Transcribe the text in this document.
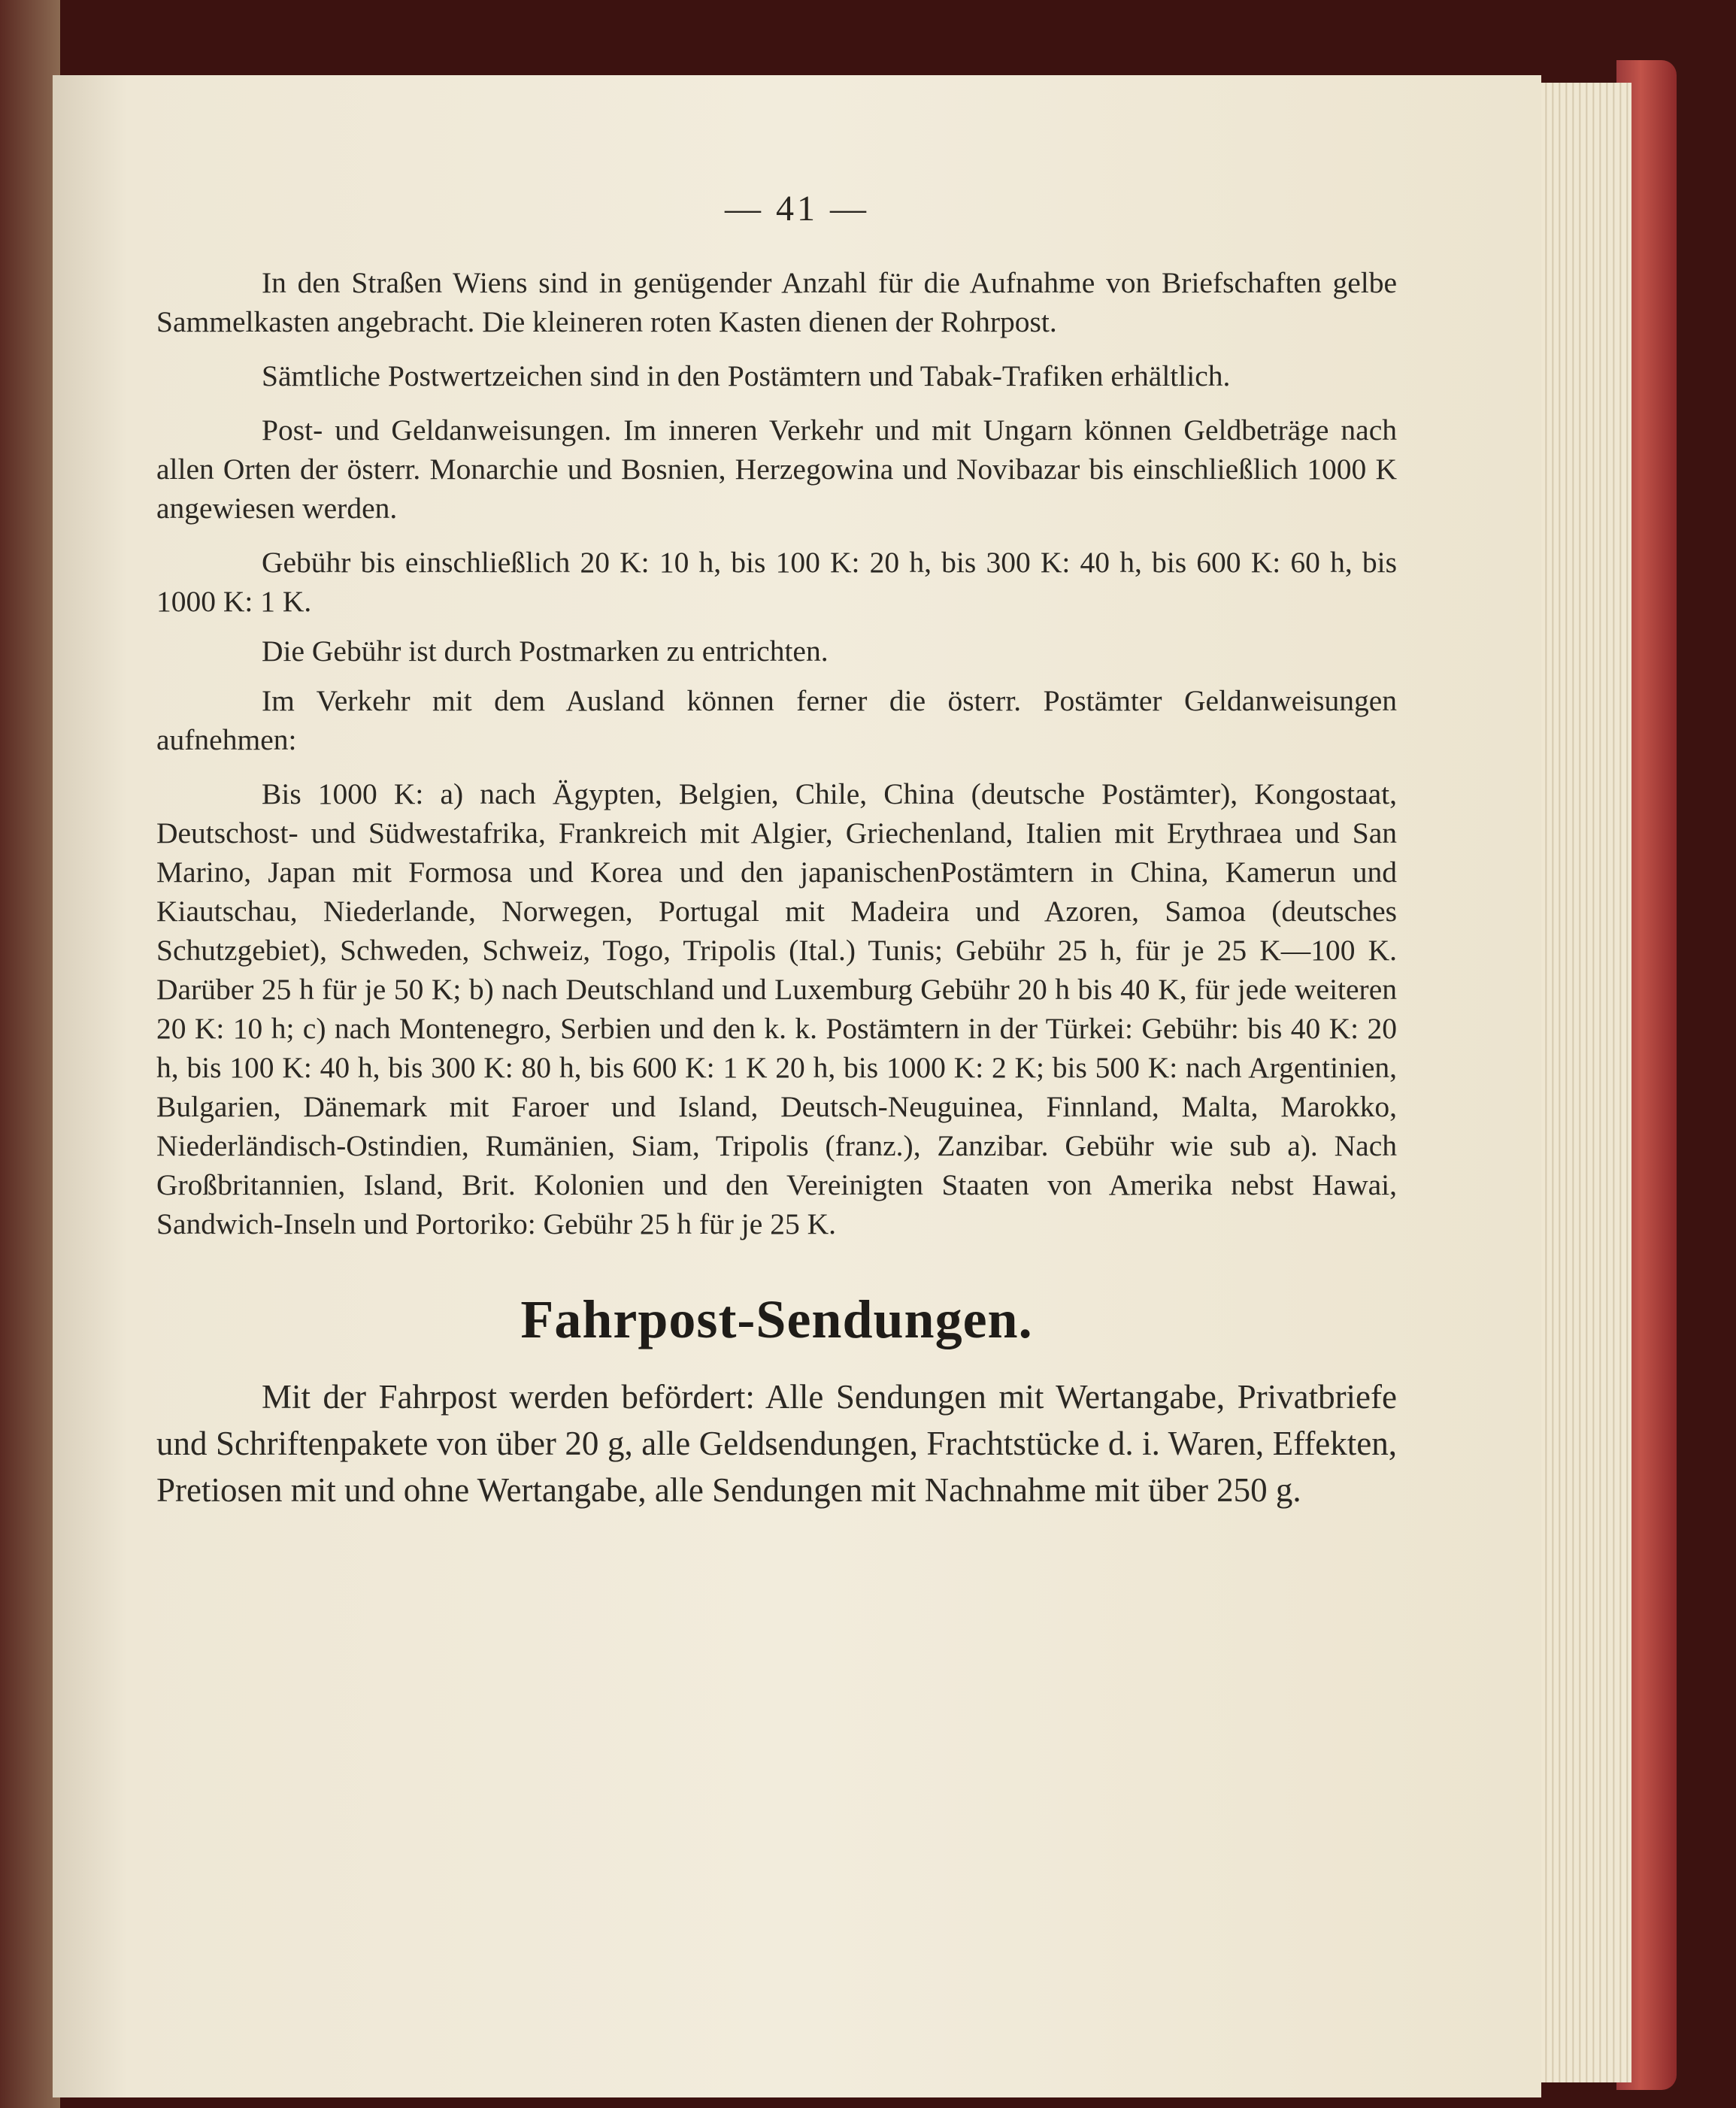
— 41 —

In den Straßen Wiens sind in genügender Anzahl für die Aufnahme von Briefschaften gelbe Sammelkasten angebracht. Die kleineren roten Kasten dienen der Rohrpost.

Sämtliche Postwertzeichen sind in den Postämtern und Tabak-Trafiken erhältlich.

Post- und Geldanweisungen. Im inneren Verkehr und mit Ungarn können Geldbeträge nach allen Orten der österr. Monarchie und Bosnien, Herzegowina und Novibazar bis einschließlich 1000 K angewiesen werden.

Gebühr bis einschließlich 20 K: 10 h, bis 100 K: 20 h, bis 300 K: 40 h, bis 600 K: 60 h, bis 1000 K: 1 K.

Die Gebühr ist durch Postmarken zu entrichten.

Im Verkehr mit dem Ausland können ferner die österr. Postämter Geldanweisungen aufnehmen:

Bis 1000 K: a) nach Ägypten, Belgien, Chile, China (deutsche Postämter), Kongostaat, Deutschost- und Südwestafrika, Frankreich mit Algier, Griechenland, Italien mit Erythraea und San Marino, Japan mit Formosa und Korea und den japanischenPostämtern in China, Kamerun und Kiautschau, Niederlande, Norwegen, Portugal mit Madeira und Azoren, Samoa (deutsches Schutzgebiet), Schweden, Schweiz, Togo, Tripolis (Ital.) Tunis; Gebühr 25 h, für je 25 K—100 K. Darüber 25 h für je 50 K; b) nach Deutschland und Luxemburg Gebühr 20 h bis 40 K, für jede weiteren 20 K: 10 h; c) nach Montenegro, Serbien und den k. k. Postämtern in der Türkei: Gebühr: bis 40 K: 20 h, bis 100 K: 40 h, bis 300 K: 80 h, bis 600 K: 1 K 20 h, bis 1000 K: 2 K; bis 500 K: nach Argentinien, Bulgarien, Dänemark mit Faroer und Island, Deutsch-Neuguinea, Finnland, Malta, Marokko, Niederländisch-Ostindien, Rumänien, Siam, Tripolis (franz.), Zanzibar. Gebühr wie sub a). Nach Großbritannien, Island, Brit. Kolonien und den Vereinigten Staaten von Amerika nebst Hawai, Sandwich-Inseln und Portoriko: Gebühr 25 h für je 25 K.

Fahrpost-Sendungen.

Mit der Fahrpost werden befördert: Alle Sendungen mit Wertangabe, Privatbriefe und Schriftenpakete von über 20 g, alle Geldsendungen, Frachtstücke d. i. Waren, Effekten, Pretiosen mit und ohne Wertangabe, alle Sendungen mit Nachnahme mit über 250 g.
